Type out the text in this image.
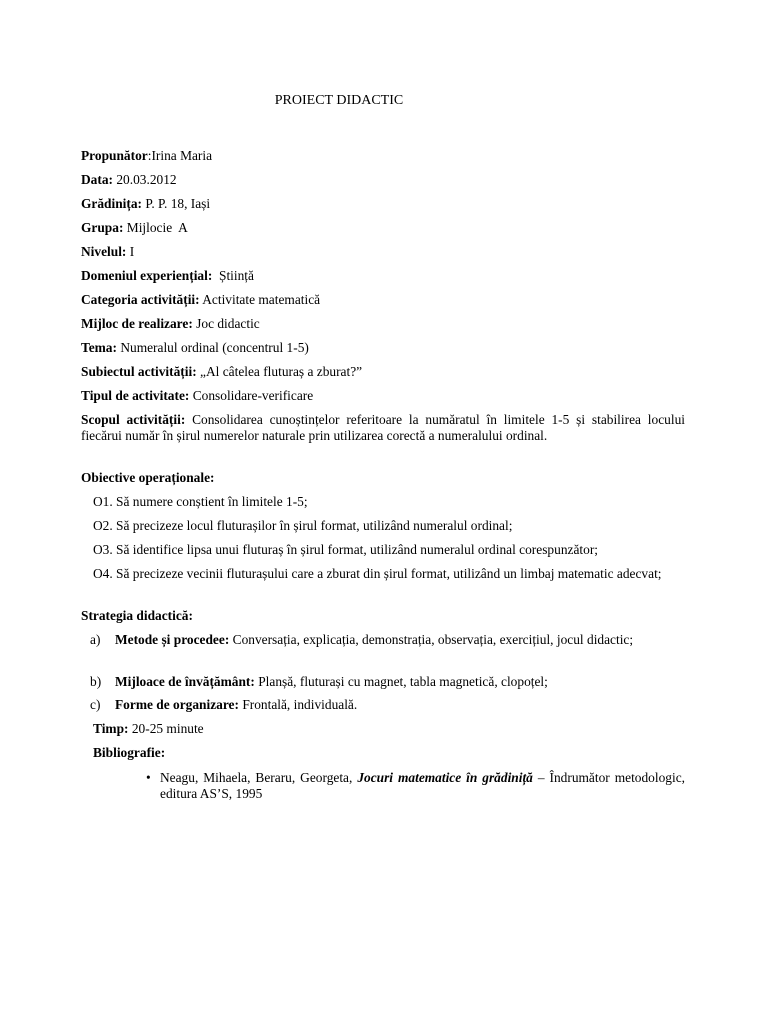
PROIECT DIDACTIC
Propunător:Irina Maria
Data: 20.03.2012
Grădinița: P. P. 18, Iași
Grupa: Mijlocie  A
Nivelul: I
Domeniul experiențial: Știință
Categoria activității: Activitate matematică
Mijloc de realizare: Joc didactic
Tema: Numeralul ordinal (concentrul 1-5)
Subiectul activității: „Al câtelea fluturaș a zburat?”
Tipul de activitate: Consolidare-verificare
Scopul activității: Consolidarea cunoștințelor referitoare la număratul în limitele 1-5 și stabilirea locului fiecărui număr în șirul numerelor naturale prin utilizarea corectă a numeralului ordinal.
Obiective operaționale:
O1. Să numere conștient în limitele 1-5;
O2. Să precizeze locul fluturașilor în șirul format, utilizând numeralul ordinal;
O3. Să identifice lipsa unui fluturaș în șirul format, utilizând numeralul ordinal corespunzător;
O4. Să precizeze vecinii fluturașului care a zburat din șirul format, utilizând un limbaj matematic adecvat;
Strategia didactică:
a) Metode și procedee: Conversația, explicația, demonstrația, observația, exercițiul, jocul didactic;
b) Mijloace de învățământ: Planșă, fluturași cu magnet, tabla magnetică, clopoțel;
c) Forme de organizare: Frontală, individuală.
Timp: 20-25 minute
Bibliografie:
• Neagu, Mihaela, Beraru, Georgeta, Jocuri matematice în grădiniță – Îndrumător metodologic, editura AS’S, 1995
